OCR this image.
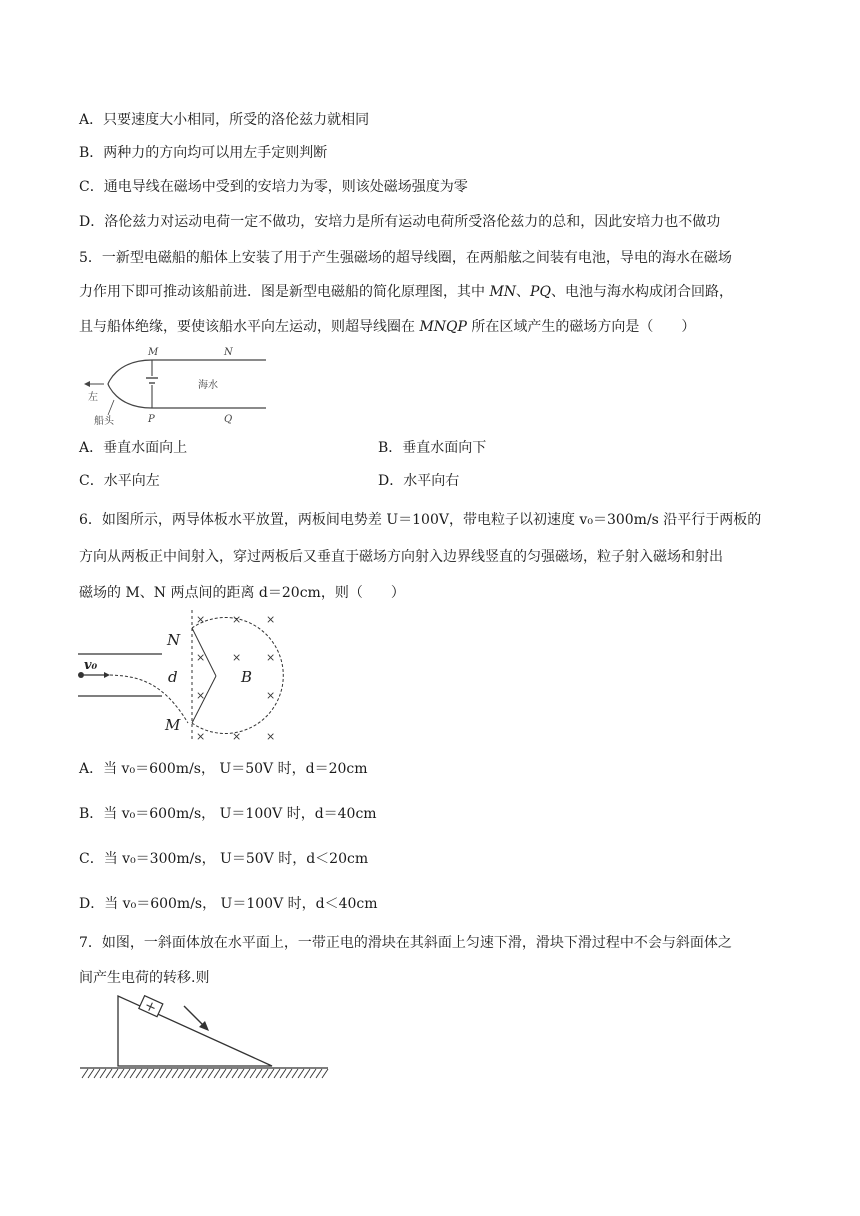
A．只要速度大小相同，所受的洛伦兹力就相同
B．两种力的方向均可以用左手定则判断
C．通电导线在磁场中受到的安培力为零，则该处磁场强度为零
D．洛伦兹力对运动电荷一定不做功，安培力是所有运动电荷所受洛伦兹力的总和，因此安培力也不做功
5．一新型电磁船的船体上安装了用于产生强磁场的超导线圈，在两船舷之间装有电池，导电的海水在磁场
力作用下即可推动该船前进．图是新型电磁船的简化原理图，其中 MN、PQ、电池与海水构成闭合回路，
且与船体绝缘，要使该船水平向左运动，则超导线圈在 MNQP 所在区域产生的磁场方向是（　　）
M	N
P	Q
海水
左
船头
A．垂直水面向上	B．垂直水面向下
C．水平向左	D．水平向右
6．如图所示，两导体板水平放置，两板间电势差 U＝100V，带电粒子以初速度 v₀＝300m/s 沿平行于两板的
方向从两板正中间射入，穿过两板后又垂直于磁场方向射入边界线竖直的匀强磁场，粒子射入磁场和射出
磁场的 M、N 两点间的距离 d＝20cm，则（　　）
N
M
v₀
d	B
× × ×
× × ×
×	×
× × ×
A．当 v₀＝600m/s， U＝50V 时，d＝20cm
B．当 v₀＝600m/s， U＝100V 时，d＝40cm
C．当 v₀＝300m/s， U＝50V 时，d＜20cm
D．当 v₀＝600m/s， U＝100V 时，d＜40cm
7．如图，一斜面体放在水平面上，一带正电的滑块在其斜面上匀速下滑，滑块下滑过程中不会与斜面体之
间产生电荷的转移.则
+
